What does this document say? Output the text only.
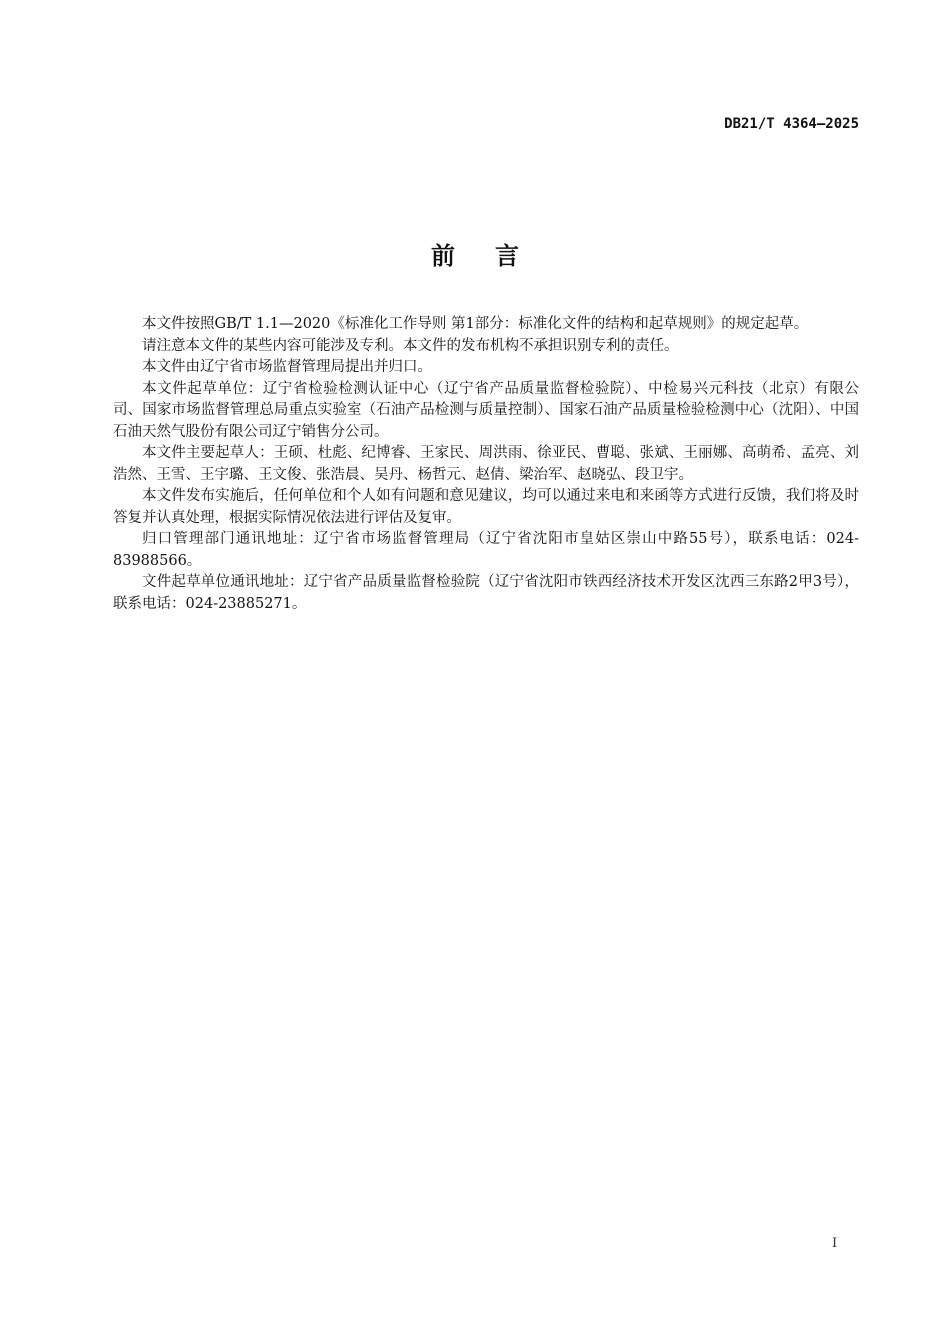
DB21/T 4364—2025
前言

本文件按照GB/T 1.1—2020《标准化工作导则 第1部分：标准化文件的结构和起草规则》的规定起草。

请注意本文件的某些内容可能涉及专利。本文件的发布机构不承担识别专利的责任。

本文件由辽宁省市场监督管理局提出并归口。

本文件起草单位：辽宁省检验检测认证中心（辽宁省产品质量监督检验院）、中检易兴元科技（北京）有限公司、国家市场监督管理总局重点实验室（石油产品检测与质量控制）、国家石油产品质量检验检测中心（沈阳）、中国石油天然气股份有限公司辽宁销售分公司。

本文件主要起草人：王硕、杜彪、纪博睿、王家民、周洪雨、徐亚民、曹聪、张斌、王丽娜、高萌希、孟亮、刘浩然、王雪、王宇璐、王文俊、张浩晨、吴丹、杨哲元、赵倩、梁治军、赵晓弘、段卫宇。

本文件发布实施后，任何单位和个人如有问题和意见建议，均可以通过来电和来函等方式进行反馈，我们将及时答复并认真处理，根据实际情况依法进行评估及复审。

归口管理部门通讯地址：辽宁省市场监督管理局（辽宁省沈阳市皇姑区崇山中路55号），联系电话：024-83988566。

文件起草单位通讯地址：辽宁省产品质量监督检验院（辽宁省沈阳市铁西经济技术开发区沈西三东路2甲3号），联系电话：024-23885271。

I
